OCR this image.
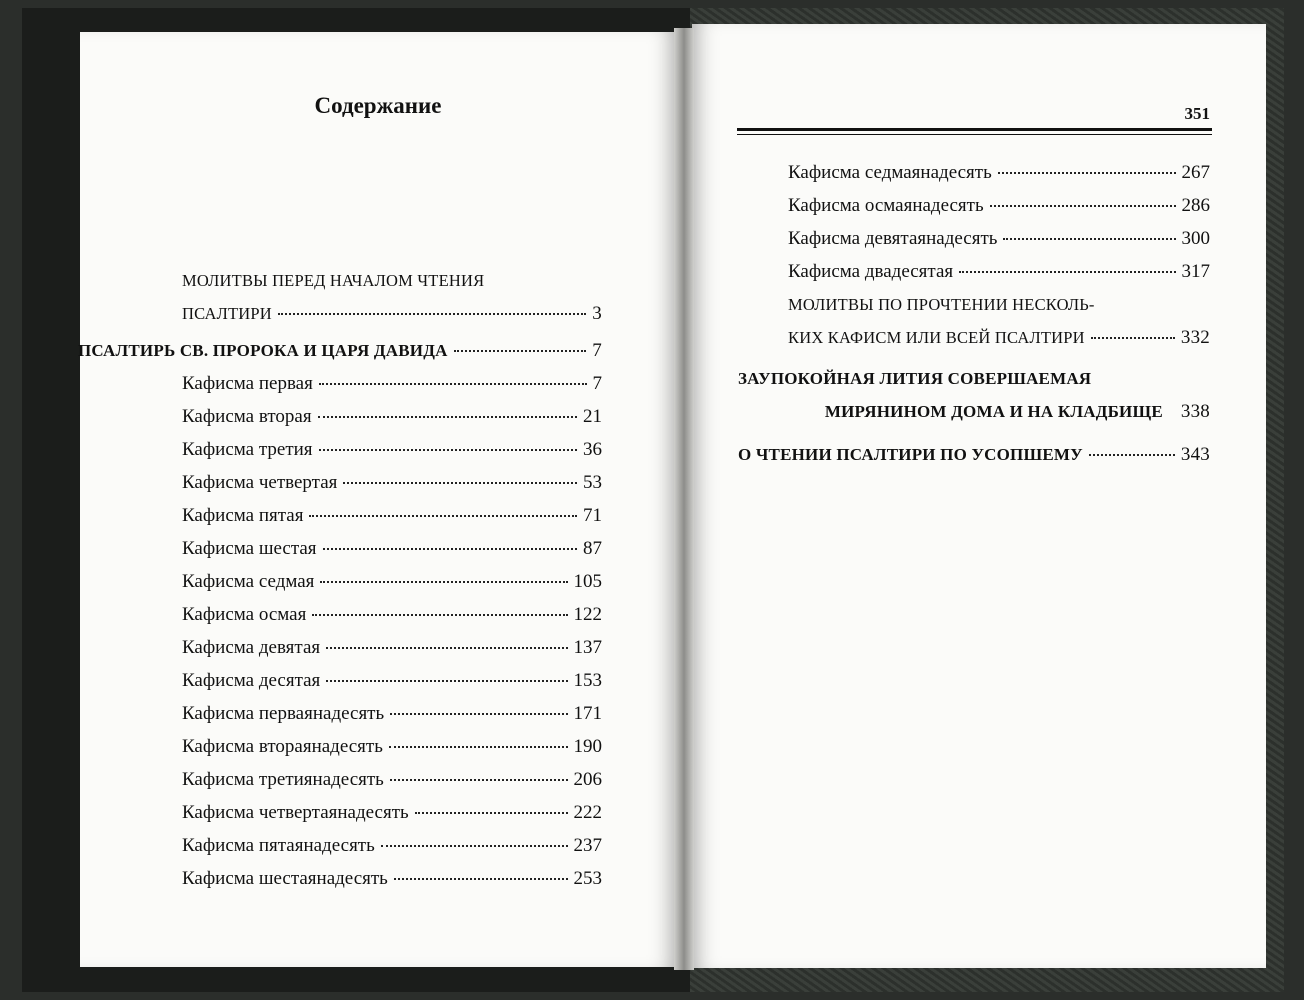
Содержание	351
МОЛИТВЫ ПЕРЕД НАЧАЛОМ ЧТЕНИЯ
ПСАЛТИРИ	3
ПСАЛТИРЬ СВ. ПРОРОКА И ЦАРЯ ДАВИДА	7
Кафисма первая	7
Кафисма вторая	21
Кафисма третия	36
Кафисма четвертая	53
Кафисма пятая	71
Кафисма шестая	87
Кафисма седмая	105
Кафисма осмая	122
Кафисма девятая	137
Кафисма десятая	153
Кафисма перваянадесять	171
Кафисма втораянадесять	190
Кафисма третиянадесять	206
Кафисма четвертаянадесять	222
Кафисма пятаянадесять	237
Кафисма шестаянадесять	253
Кафисма седмаянадесять	267
Кафисма осмаянадесять	286
Кафисма девятаянадесять	300
Кафисма двадесятая	317
МОЛИТВЫ ПО ПРОЧТЕНИИ НЕСКОЛЬ-
КИХ КАФИСМ ИЛИ ВСЕЙ ПСАЛТИРИ	332
ЗАУПОКОЙНАЯ ЛИТИЯ СОВЕРШАЕМАЯ
МИРЯНИНОМ ДОМА И НА КЛАДБИЩЕ 338
О ЧТЕНИИ ПСАЛТИРИ ПО УСОПШЕМУ	343
